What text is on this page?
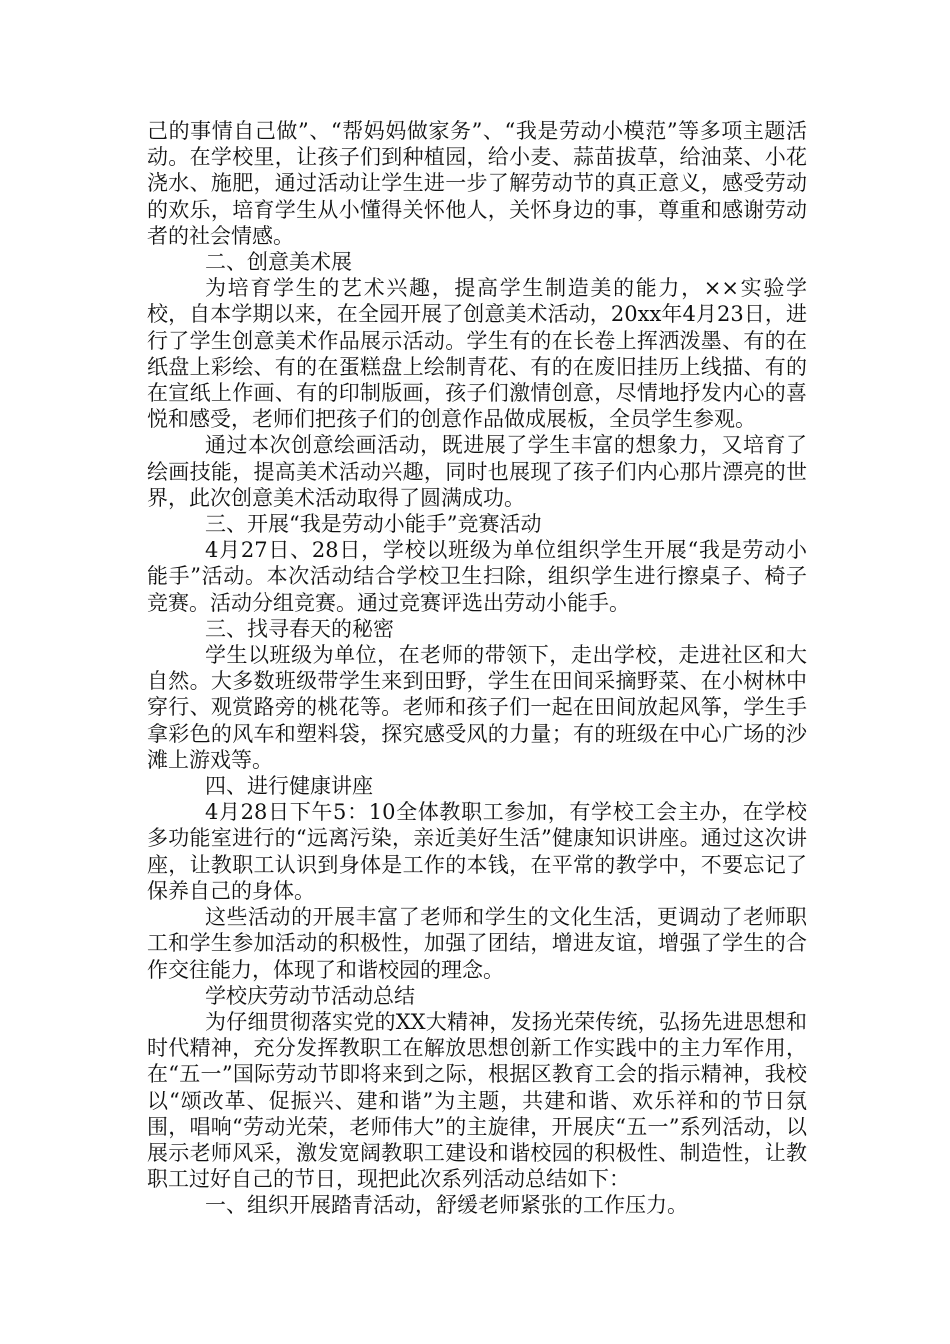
己的事情自己做”、“帮妈妈做家务”、“我是劳动小模范”等多项主题活动。在学校里，让孩子们到种植园，给小麦、蒜苗拔草，给油菜、小花浇水、施肥，通过活动让学生进一步了解劳动节的真正意义，感受劳动的欢乐，培育学生从小懂得关怀他人，关怀身边的事，尊重和感谢劳动者的社会情感。

二、创意美术展

为培育学生的艺术兴趣，提高学生制造美的能力，××实验学校，自本学期以来，在全园开展了创意美术活动，20xx年4月23日，进行了学生创意美术作品展示活动。学生有的在长卷上挥洒泼墨、有的在纸盘上彩绘、有的在蛋糕盘上绘制青花、有的在废旧挂历上线描、有的在宣纸上作画、有的印制版画，孩子们激情创意，尽情地抒发内心的喜悦和感受，老师们把孩子们的创意作品做成展板，全员学生参观。

通过本次创意绘画活动，既进展了学生丰富的想象力，又培育了绘画技能，提高美术活动兴趣，同时也展现了孩子们内心那片漂亮的世界，此次创意美术活动取得了圆满成功。

三、开展“我是劳动小能手”竞赛活动

4月27日、28日，学校以班级为单位组织学生开展“我是劳动小能手”活动。本次活动结合学校卫生扫除，组织学生进行擦桌子、椅子竞赛。活动分组竞赛。通过竞赛评选出劳动小能手。

三、找寻春天的秘密

学生以班级为单位，在老师的带领下，走出学校，走进社区和大自然。大多数班级带学生来到田野，学生在田间采摘野菜、在小树林中穿行、观赏路旁的桃花等。老师和孩子们一起在田间放起风筝，学生手拿彩色的风车和塑料袋，探究感受风的力量；有的班级在中心广场的沙滩上游戏等。

四、进行健康讲座

4月28日下午5：10全体教职工参加，有学校工会主办，在学校多功能室进行的“远离污染，亲近美好生活”健康知识讲座。通过这次讲座，让教职工认识到身体是工作的本钱，在平常的教学中，不要忘记了保养自己的身体。

这些活动的开展丰富了老师和学生的文化生活，更调动了老师职工和学生参加活动的积极性，加强了团结，增进友谊，增强了学生的合作交往能力，体现了和谐校园的理念。

学校庆劳动节活动总结

为仔细贯彻落实党的XX大精神，发扬光荣传统，弘扬先进思想和时代精神，充分发挥教职工在解放思想创新工作实践中的主力军作用，在“五一”国际劳动节即将来到之际，根据区教育工会的指示精神，我校以“颂改革、促振兴、建和谐”为主题，共建和谐、欢乐祥和的节日氛围，唱响“劳动光荣，老师伟大”的主旋律，开展庆“五一”系列活动，以展示老师风采，激发宽阔教职工建设和谐校园的积极性、制造性，让教职工过好自己的节日，现把此次系列活动总结如下：

一、组织开展踏青活动，舒缓老师紧张的工作压力。
